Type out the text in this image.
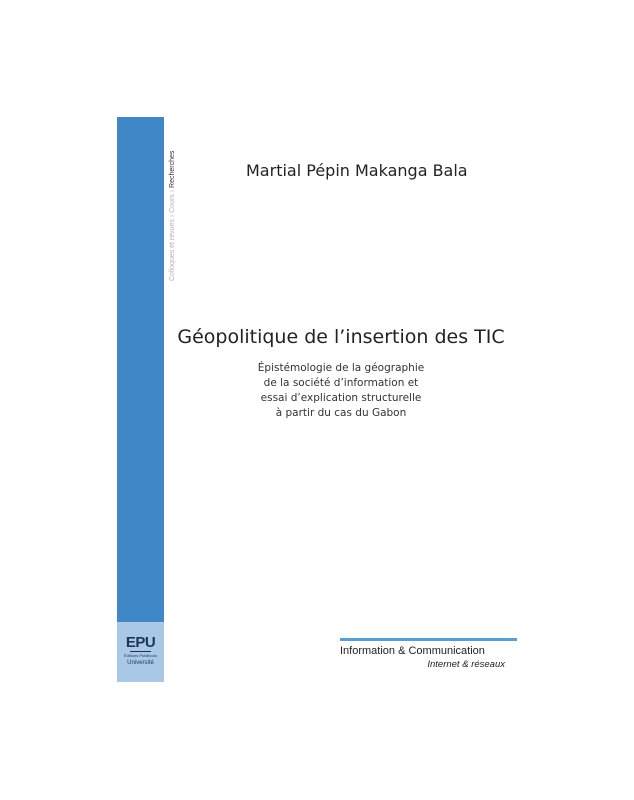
EPU
Éditions Publibook
Université
Colloques et revues › Cours › Recherches	Martial Pépin Makanga Bala
Géopolitique de l’insertion des TIC
Épistémologie de la géographie
de la société d’information et
essai d’explication structurelle
à partir du cas du Gabon
Information & Communication
Internet & réseaux
